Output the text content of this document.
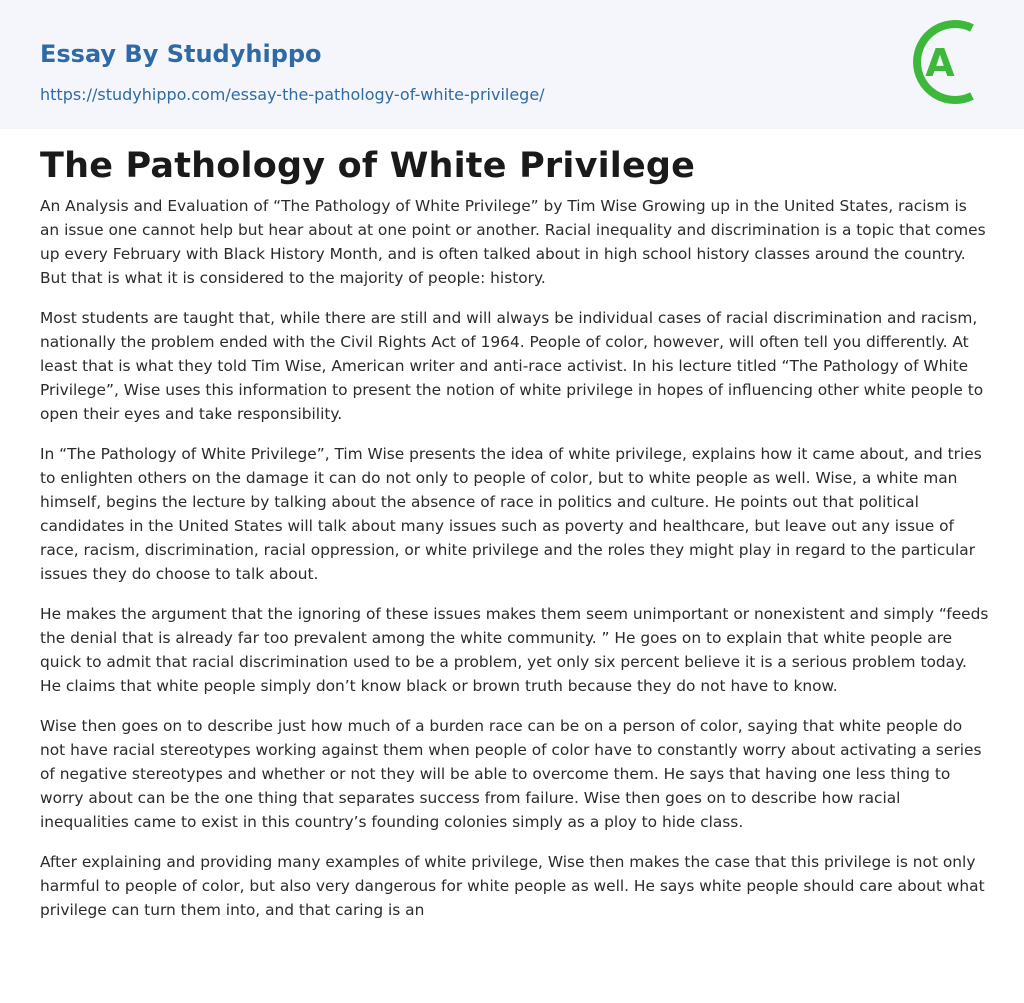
Essay By Studyhippo
https://studyhippo.com/essay-the-pathology-of-white-privilege/
A
The Pathology of White Privilege

An Analysis and Evaluation of “The Pathology of White Privilege” by Tim Wise Growing up in the United States, racism is an issue one cannot help but hear about at one point or another. Racial inequality and discrimination is a topic that comes up every February with Black History Month, and is often talked about in high school history classes around the country. But that is what it is considered to the majority of people: history.

Most students are taught that, while there are still and will always be individual cases of racial discrimination and racism, nationally the problem ended with the Civil Rights Act of 1964. People of color, however, will often tell you differently. At least that is what they told Tim Wise, American writer and anti-race activist. In his lecture titled “The Pathology of White Privilege”, Wise uses this information to present the notion of white privilege in hopes of influencing other white people to open their eyes and take responsibility.

In “The Pathology of White Privilege”, Tim Wise presents the idea of white privilege, explains how it came about, and tries to enlighten others on the damage it can do not only to people of color, but to white people as well. Wise, a white man himself, begins the lecture by talking about the absence of race in politics and culture. He points out that political candidates in the United States will talk about many issues such as poverty and healthcare, but leave out any issue of race, racism, discrimination, racial oppression, or white privilege and the roles they might play in regard to the particular issues they do choose to talk about.

He makes the argument that the ignoring of these issues makes them seem unimportant or nonexistent and simply “feeds the denial that is already far too prevalent among the white community. ” He goes on to explain that white people are quick to admit that racial discrimination used to be a problem, yet only six percent believe it is a serious problem today. He claims that white people simply don’t know black or brown truth because they do not have to know.

Wise then goes on to describe just how much of a burden race can be on a person of color, saying that white people do not have racial stereotypes working against them when people of color have to constantly worry about activating a series of negative stereotypes and whether or not they will be able to overcome them. He says that having one less thing to worry about can be the one thing that separates success from failure. Wise then goes on to describe how racial inequalities came to exist in this country’s founding colonies simply as a ploy to hide class.

After explaining and providing many examples of white privilege, Wise then makes the case that this privilege is not only harmful to people of color, but also very dangerous for white people as well. He says white people should care about what privilege can turn them into, and that caring is an
